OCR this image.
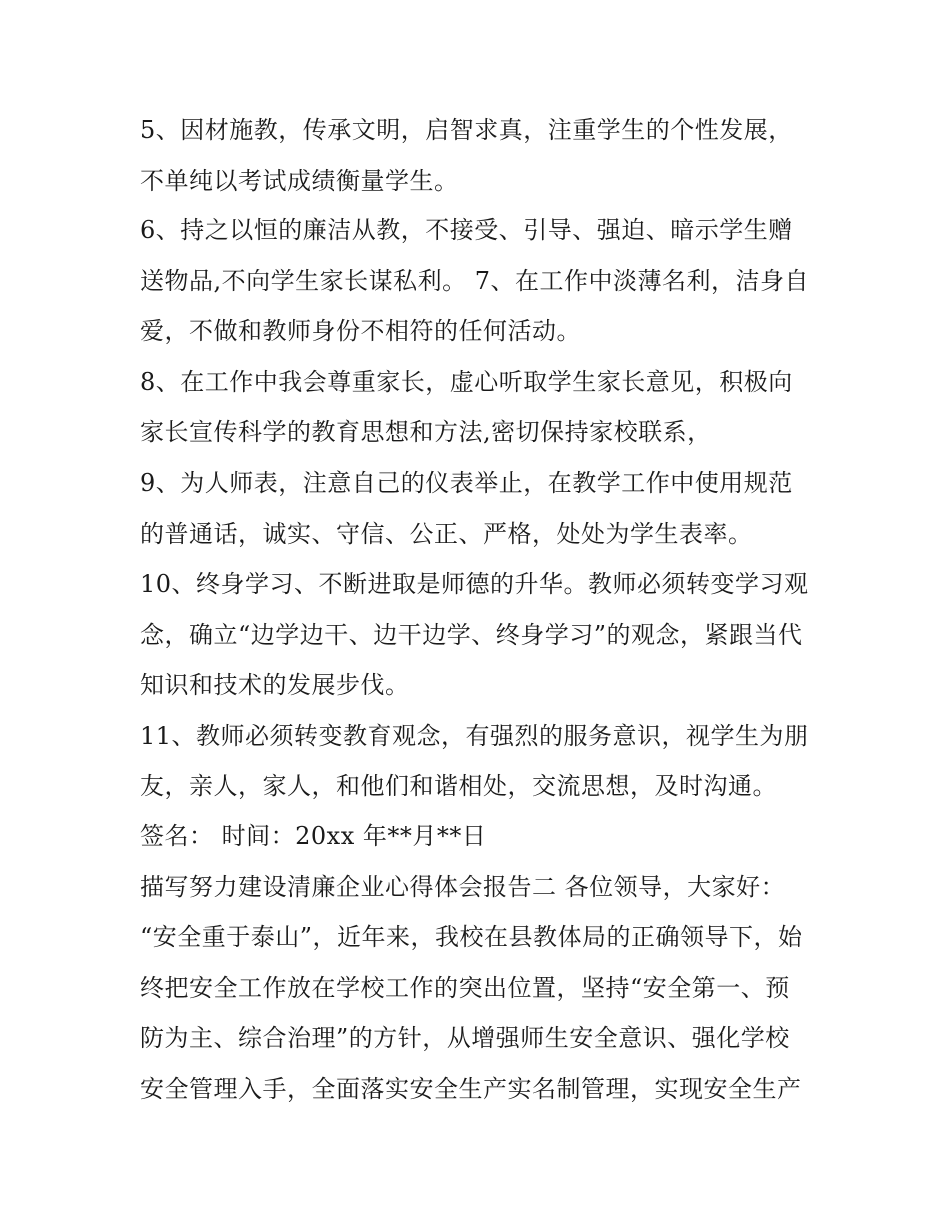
5、因材施教，传承文明，启智求真，注重学生的个性发展，
不单纯以考试成绩衡量学生。
6、持之以恒的廉洁从教，不接受、引导、强迫、暗示学生赠
送物品,不向学生家长谋私利。 7、在工作中淡薄名利，洁身自
爱，不做和教师身份不相符的任何活动。
8、在工作中我会尊重家长，虚心听取学生家长意见，积极向
家长宣传科学的教育思想和方法,密切保持家校联系，
9、为人师表，注意自己的仪表举止，在教学工作中使用规范
的普通话，诚实、守信、公正、严格，处处为学生表率。
10、终身学习、不断进取是师德的升华。教师必须转变学习观
念，确立“边学边干、边干边学、终身学习”的观念，紧跟当代
知识和技术的发展步伐。
11、教师必须转变教育观念，有强烈的服务意识，视学生为朋
友，亲人，家人，和他们和谐相处，交流思想，及时沟通。
签名： 时间：20xx 年**月**日
描写努力建设清廉企业心得体会报告二 各位领导，大家好：
“安全重于泰山”，近年来，我校在县教体局的正确领导下，始
终把安全工作放在学校工作的突出位置，坚持“安全第一、预
防为主、综合治理”的方针，从增强师生安全意识、强化学校
安全管理入手，全面落实安全生产实名制管理，实现安全生产
